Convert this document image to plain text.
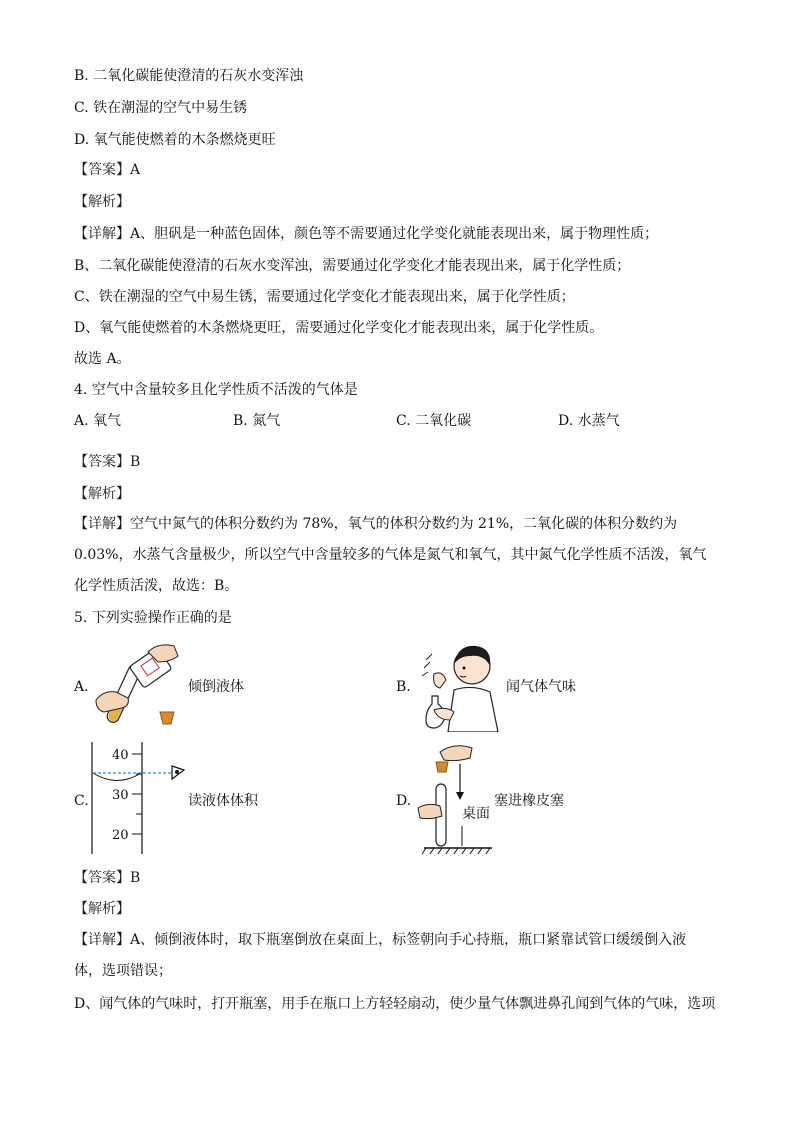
B. 二氧化碳能使澄清的石灰水变浑浊
C. 铁在潮湿的空气中易生锈
D. 氧气能使燃着的木条燃烧更旺
【答案】A
【解析】
【详解】A、胆矾是一种蓝色固体，颜色等不需要通过化学变化就能表现出来，属于物理性质；
B、二氧化碳能使澄清的石灰水变浑浊，需要通过化学变化才能表现出来，属于化学性质；
C、铁在潮湿的空气中易生锈，需要通过化学变化才能表现出来，属于化学性质；
D、氧气能使燃着的木条燃烧更旺，需要通过化学变化才能表现出来，属于化学性质。
故选 A。
4. 空气中含量较多且化学性质不活泼的气体是
A. 氧气	B. 氮气	C. 二氧化碳	D. 水蒸气
【答案】B
【解析】
【详解】空气中氮气的体积分数约为 78%，氧气的体积分数约为 21%，二氧化碳的体积分数约为 0.03%，水蒸气含量极少，所以空气中含量较多的气体是氮气和氧气，其中氮气化学性质不活泼，氧气化学性质活泼，故选：B。
5. 下列实验操作正确的是
A.	倾倒液体	B.	闻气体气味
C.
40
30
20
读液体体积	D.	塞进橡皮塞
桌面
【答案】B
【解析】
【详解】A、倾倒液体时，取下瓶塞倒放在桌面上，标签朝向手心持瓶，瓶口紧靠试管口缓缓倒入液体，选项错误；
D、闻气体的气味时，打开瓶塞，用手在瓶口上方轻轻扇动，使少量气体飘进鼻孔闻到气体的气味，选项
